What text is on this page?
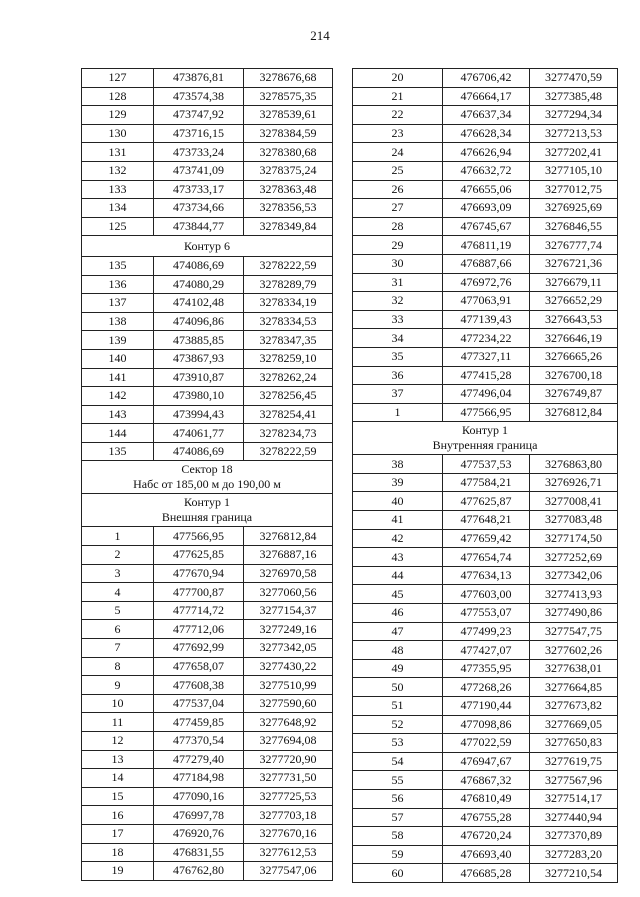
214
127	473876,81	3278676,68
128	473574,38	3278575,35
129	473747,92	3278539,61
130	473716,15	3278384,59
131	473733,24	3278380,68
132	473741,09	3278375,24
133	473733,17	3278363,48
134	473734,66	3278356,53
125	473844,77	3278349,84

Контур 6		

135	474086,69	3278222,59
136	474080,29	3278289,79
137	474102,48	3278334,19
138	474096,86	3278334,53
139	473885,85	3278347,35
140	473867,93	3278259,10
141	473910,87	3278262,24
142	473980,10	3278256,45
143	473994,43	3278254,41
144	474061,77	3278234,73
135	474086,69	3278222,59

Сектор 18
Набс от 185,00 м до 190,00 м		

Контур 1
Внешняя граница		

1	477566,95	3276812,84
2	477625,85	3276887,16
3	477670,94	3276970,58
4	477700,87	3277060,56
5	477714,72	3277154,37
6	477712,06	3277249,16
7	477692,99	3277342,05
8	477658,07	3277430,22
9	477608,38	3277510,99
10	477537,04	3277590,60
11	477459,85	3277648,92
12	477370,54	3277694,08
13	477279,40	3277720,90
14	477184,98	3277731,50
15	477090,16	3277725,53
16	476997,78	3277703,18
17	476920,76	3277670,16
18	476831,55	3277612,53
19	476762,80	3277547,06
20	476706,42	3277470,59
21	476664,17	3277385,48
22	476637,34	3277294,34
23	476628,34	3277213,53
24	476626,94	3277202,41
25	476632,72	3277105,10
26	476655,06	3277012,75
27	476693,09	3276925,69
28	476745,67	3276846,55
29	476811,19	3276777,74
30	476887,66	3276721,36
31	476972,76	3276679,11
32	477063,91	3276652,29
33	477139,43	3276643,53
34	477234,22	3276646,19
35	477327,11	3276665,26
36	477415,28	3276700,18
37	477496,04	3276749,87
1	477566,95	3276812,84

Контур 1
Внутренняя граница		

38	477537,53	3276863,80
39	477584,21	3276926,71
40	477625,87	3277008,41
41	477648,21	3277083,48
42	477659,42	3277174,50
43	477654,74	3277252,69
44	477634,13	3277342,06
45	477603,00	3277413,93
46	477553,07	3277490,86
47	477499,23	3277547,75
48	477427,07	3277602,26
49	477355,95	3277638,01
50	477268,26	3277664,85
51	477190,44	3277673,82
52	477098,86	3277669,05
53	477022,59	3277650,83
54	476947,67	3277619,75
55	476867,32	3277567,96
56	476810,49	3277514,17
57	476755,28	3277440,94
58	476720,24	3277370,89
59	476693,40	3277283,20
60	476685,28	3277210,54
